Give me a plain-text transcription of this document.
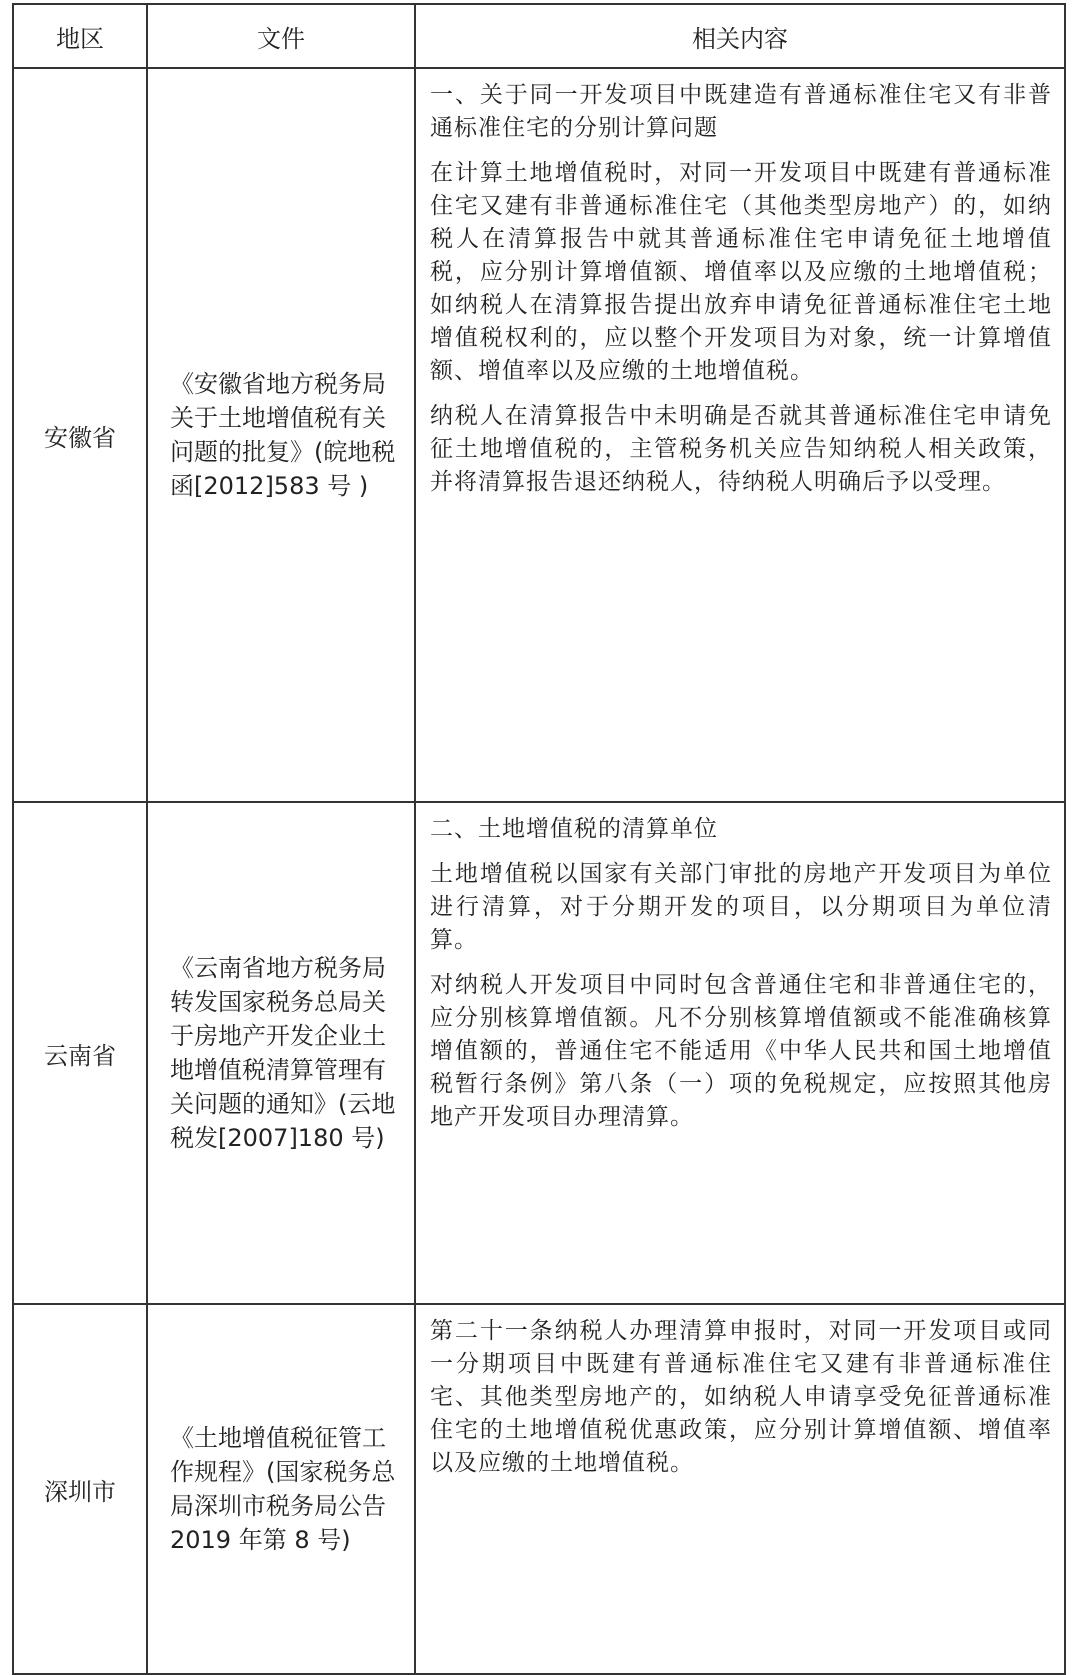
地区	文件	相关内容
安徽省	《安徽省地方税务局关于土地增值税有关问题的批复》(皖地税函[2012]583 号 )	一、关于同一开发项目中既建造有普通标准住宅又有非普通标准住宅的分别计算问题

在计算土地增值税时，对同一开发项目中既建有普通标准住宅又建有非普通标准住宅（其他类型房地产）的，如纳税人在清算报告中就其普通标准住宅申请免征土地增值税，应分别计算增值额、增值率以及应缴的土地增值税；如纳税人在清算报告提出放弃申请免征普通标准住宅土地增值税权利的，应以整个开发项目为对象，统一计算增值额、增值率以及应缴的土地增值税。

纳税人在清算报告中未明确是否就其普通标准住宅申请免征土地增值税的，主管税务机关应告知纳税人相关政策，并将清算报告退还纳税人，待纳税人明确后予以受理。

云南省	《云南省地方税务局转发国家税务总局关于房地产开发企业土地增值税清算管理有关问题的通知》(云地税发[2007]180 号)	二、土地增值税的清算单位

土地增值税以国家有关部门审批的房地产开发项目为单位进行清算，对于分期开发的项目，以分期项目为单位清算。

对纳税人开发项目中同时包含普通住宅和非普通住宅的，应分别核算增值额。凡不分别核算增值额或不能准确核算增值额的，普通住宅不能适用《中华人民共和国土地增值税暂行条例》第八条（一）项的免税规定，应按照其他房地产开发项目办理清算。

深圳市	《土地增值税征管工作规程》(国家税务总局深圳市税务局公告 2019 年第 8 号)	第二十一条纳税人办理清算申报时，对同一开发项目或同一分期项目中既建有普通标准住宅又建有非普通标准住宅、其他类型房地产的，如纳税人申请享受免征普通标准住宅的土地增值税优惠政策，应分别计算增值额、增值率以及应缴的土地增值税。
